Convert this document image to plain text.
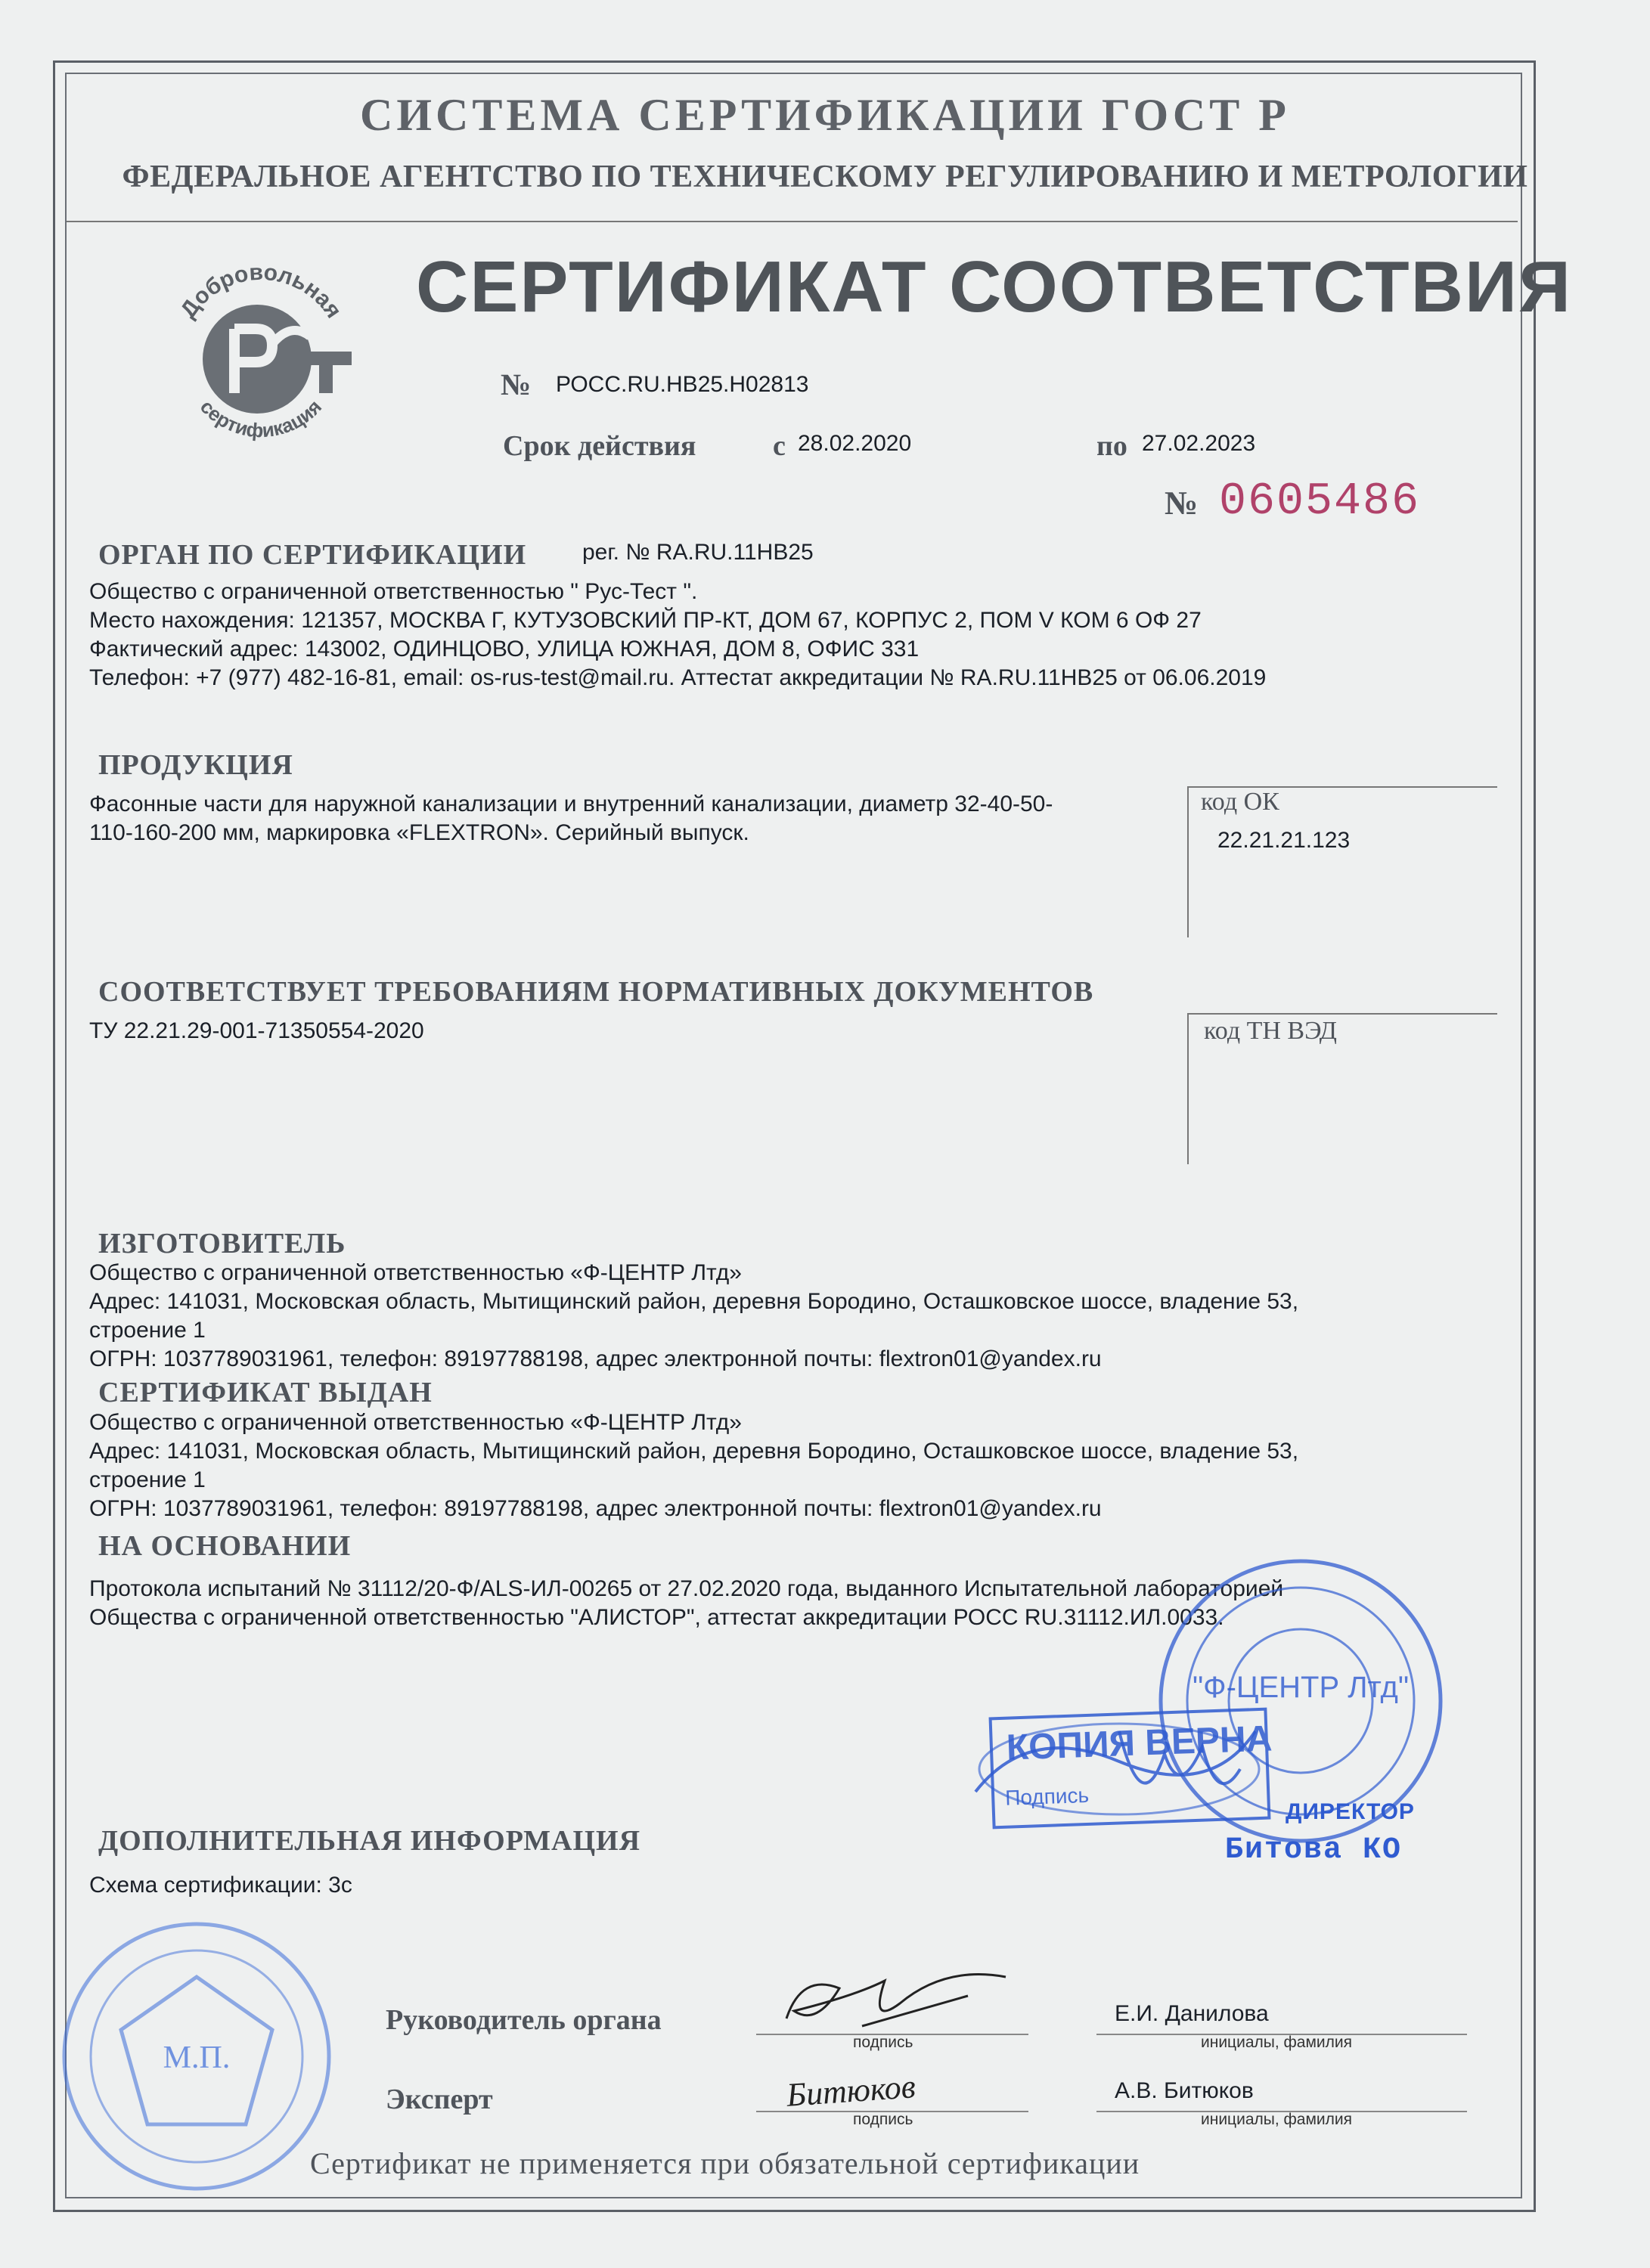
СИСТЕМА СЕРТИФИКАЦИИ ГОСТ Р
ФЕДЕРАЛЬНОЕ АГЕНТСТВО ПО ТЕХНИЧЕСКОМУ РЕГУЛИРОВАНИЮ И МЕТРОЛОГИИ
Добровольная
сертификация
СЕРТИФИКАТ СООТВЕТСТВИЯ
№ РОСС.RU.НВ25.Н02813
Срок действия	с 28.02.2020	по 27.02.2023
№ 0605486
ОРГАН ПО СЕРТИФИКАЦИИ рег. № RA.RU.11НВ25
Общество с ограниченной ответственностью " Рус-Тест ".
Место нахождения: 121357, МОСКВА Г, КУТУЗОВСКИЙ ПР-КТ, ДОМ 67, КОРПУС 2, ПОМ V КОМ 6 ОФ 27
Фактический адрес: 143002, ОДИНЦОВО, УЛИЦА ЮЖНАЯ, ДОМ 8, ОФИС 331
Телефон: +7 (977) 482-16-81, email: os-rus-test@mail.ru. Аттестат аккредитации № RA.RU.11НВ25 от 06.06.2019
ПРОДУКЦИЯ
Фасонные части для наружной канализации и внутренний канализации, диаметр 32-40-50-
110-160-200 мм, маркировка «FLEXTRON». Серийный выпуск.
код ОК
22.21.21.123
СООТВЕТСТВУЕТ ТРЕБОВАНИЯМ НОРМАТИВНЫХ ДОКУМЕНТОВ
ТУ 22.21.29-001-71350554-2020	код ТН ВЭД
ИЗГОТОВИТЕЛЬ
Общество с ограниченной ответственностью «Ф-ЦЕНТР Лтд»
Адрес: 141031, Московская область, Мытищинский район, деревня Бородино, Осташковское шоссе, владение 53,
строение 1
ОГРН: 1037789031961, телефон: 89197788198, адрес электронной почты: flextron01@yandex.ru
СЕРТИФИКАТ ВЫДАН
Общество с ограниченной ответственностью «Ф-ЦЕНТР Лтд»
Адрес: 141031, Московская область, Мытищинский район, деревня Бородино, Осташковское шоссе, владение 53,
строение 1
ОГРН: 1037789031961, телефон: 89197788198, адрес электронной почты: flextron01@yandex.ru
НА ОСНОВАНИИ
Протокола испытаний № 31112/20-Ф/ALS-ИЛ-00265 от 27.02.2020 года, выданного Испытательной лабораторией
Общества с ограниченной ответственностью "АЛИСТОР", аттестат аккредитации РОСС RU.31112.ИЛ.0033.
"Ф-ЦЕНТР Лтд"
КОПИЯ ВЕРНА
Подпись
ДИРЕКТОР
Битова КО
ДОПОЛНИТЕЛЬНАЯ ИНФОРМАЦИЯ
Схема сертификации: 3с
М.П.
Руководитель органа
подпись
Е.И. Данилова
инициалы, фамилия
Эксперт	Битюков
подпись
А.В. Битюков
инициалы, фамилия
Сертификат не применяется при обязательной сертификации
